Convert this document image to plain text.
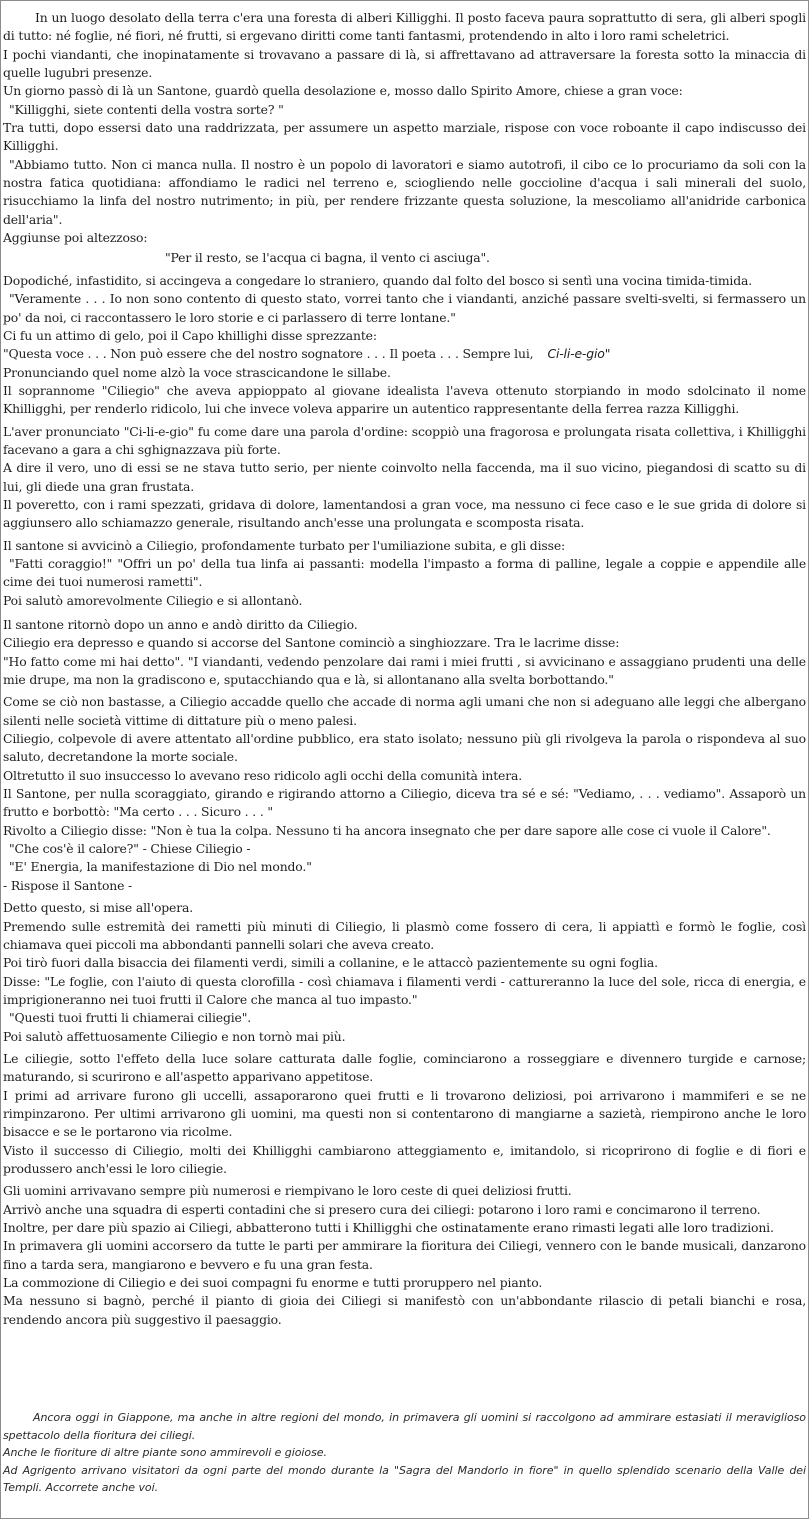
In un luogo desolato della terra c'era una foresta di alberi Killigghi. Il posto faceva paura soprattutto di sera, gli alberi spogli di tutto: né foglie, né fiori, né frutti, si ergevano diritti come tanti fantasmi, protendendo in alto i loro rami scheletrici.

I pochi viandanti, che inopinatamente si trovavano a passare di là, si affrettavano ad attraversare la foresta sotto la minaccia di quelle lugubri presenze.

Un giorno passò di là un Santone, guardò quella desolazione e, mosso dallo Spirito Amore, chiese a gran voce:

"Killigghi, siete contenti della vostra sorte? "

Tra tutti, dopo essersi dato una raddrizzata, per assumere un aspetto marziale, rispose con voce roboante il capo indiscusso dei Killigghi.

"Abbiamo tutto. Non ci manca nulla. Il nostro è un popolo di lavoratori e siamo autotrofi, il cibo ce lo procuriamo da soli con la nostra fatica quotidiana: affondiamo le radici nel terreno e, sciogliendo nelle goccioline d'acqua i sali minerali del suolo, risucchiamo la linfa del nostro nutrimento; in più, per rendere frizzante questa soluzione, la mescoliamo all'anidride carbonica dell'aria".

Aggiunse poi altezzoso:

"Per il resto, se l'acqua ci bagna, il vento ci asciuga".

Dopodiché, infastidito, si accingeva a congedare lo straniero, quando dal folto del bosco si sentì una vocina timida-timida.

"Veramente . . . Io non sono contento di questo stato, vorrei tanto che i viandanti, anziché passare svelti-svelti, si fermassero un po' da noi, ci raccontassero le loro storie e ci parlassero di terre lontane."

Ci fu un attimo di gelo, poi il Capo khillighi disse sprezzante:

"Questa voce . . . Non può essere che del nostro sognatore . . . Il poeta . . . Sempre lui, Ci-li-e-gio"

Pronunciando quel nome alzò la voce strascicandone le sillabe.

Il soprannome "Ciliegio" che aveva appioppato al giovane idealista l'aveva ottenuto storpiando in modo sdolcinato il nome Khilligghi, per renderlo ridicolo, lui che invece voleva apparire un autentico rappresentante della ferrea razza Killigghi.

L'aver pronunciato "Ci-li-e-gio" fu come dare una parola d'ordine: scoppiò una fragorosa e prolungata risata collettiva, i Khilligghi facevano a gara a chi sghignazzava più forte.

A dire il vero, uno di essi se ne stava tutto serio, per niente coinvolto nella faccenda, ma il suo vicino, piegandosi di scatto su di lui, gli diede una gran frustata.

Il poveretto, con i rami spezzati, gridava di dolore, lamentandosi a gran voce, ma nessuno ci fece caso e le sue grida di dolore si aggiunsero allo schiamazzo generale, risultando anch'esse una prolungata e scomposta risata.

Il santone si avvicinò a Ciliegio, profondamente turbato per l'umiliazione subita, e gli disse:

"Fatti coraggio!" "Offri un po' della tua linfa ai passanti: modella l'impasto a forma di palline, legale a coppie e appendile alle cime dei tuoi numerosi rametti".

Poi salutò amorevolmente Ciliegio e si allontanò.

Il santone ritornò dopo un anno e andò diritto da Ciliegio.

Ciliegio era depresso e quando si accorse del Santone cominciò a singhiozzare. Tra le lacrime disse:

"Ho fatto come mi hai detto". "I viandanti, vedendo penzolare dai rami i miei frutti , si avvicinano e assaggiano prudenti una delle mie drupe, ma non la gradiscono e, sputacchiando qua e là, si allontanano alla svelta borbottando."

Come se ciò non bastasse, a Ciliegio accadde quello che accade di norma agli umani che non si adeguano alle leggi che albergano silenti nelle società vittime di dittature più o meno palesi.

Ciliegio, colpevole di avere attentato all'ordine pubblico, era stato isolato; nessuno più gli rivolgeva la parola o rispondeva al suo saluto, decretandone la morte sociale.

Oltretutto il suo insuccesso lo avevano reso ridicolo agli occhi della comunità intera.

Il Santone, per nulla scoraggiato, girando e rigirando attorno a Ciliegio, diceva tra sé e sé: "Vediamo, . . . vediamo". Assaporò un frutto e borbottò: "Ma certo . . . Sicuro . . . "

Rivolto a Ciliegio disse: "Non è tua la colpa. Nessuno ti ha ancora insegnato che per dare sapore alle cose ci vuole il Calore".

"Che cos'è il calore?" - Chiese Ciliegio -

"E' Energia, la manifestazione di Dio nel mondo."

- Rispose il Santone -

Detto questo, si mise all'opera.

Premendo sulle estremità dei rametti più minuti di Ciliegio, li plasmò come fossero di cera, li appiattì e formò le foglie, così chiamava quei piccoli ma abbondanti pannelli solari che aveva creato.

Poi tirò fuori dalla bisaccia dei filamenti verdi, simili a collanine, e le attaccò pazientemente su ogni foglia.

Disse: "Le foglie, con l'aiuto di questa clorofilla - così chiamava i filamenti verdi - cattureranno la luce del sole, ricca di energia, e imprigioneranno nei tuoi frutti il Calore che manca al tuo impasto."

"Questi tuoi frutti li chiamerai ciliegie".

Poi salutò affettuosamente Ciliegio e non tornò mai più.

Le ciliegie, sotto l'effeto della luce solare catturata dalle foglie, cominciarono a rosseggiare e divennero turgide e carnose; maturando, si scurirono e all'aspetto apparivano appetitose.

I primi ad arrivare furono gli uccelli, assaporarono quei frutti e li trovarono deliziosi, poi arrivarono i mammiferi e se ne rimpinzarono. Per ultimi arrivarono gli uomini, ma questi non si contentarono di mangiarne a sazietà, riempirono anche le loro bisacce e se le portarono via ricolme.

Visto il successo di Ciliegio, molti dei Khilligghi cambiarono atteggiamento e, imitandolo, si ricoprirono di foglie e di fiori e produssero anch'essi le loro ciliegie.

Gli uomini arrivavano sempre più numerosi e riempivano le loro ceste di quei deliziosi frutti.

Arrivò anche una squadra di esperti contadini che si presero cura dei ciliegi: potarono i loro rami e concimarono il terreno.

Inoltre, per dare più spazio ai Ciliegi, abbatterono tutti i Khilligghi che ostinatamente erano rimasti legati alle loro tradizioni.

In primavera gli uomini accorsero da tutte le parti per ammirare la fioritura dei Ciliegi, vennero con le bande musicali, danzarono fino a tarda sera, mangiarono e bevvero e fu una gran festa.

La commozione di Ciliegio e dei suoi compagni fu enorme e tutti proruppero nel pianto.

Ma nessuno si bagnò, perché il pianto di gioia dei Ciliegi si manifestò con un'abbondante rilascio di petali bianchi e rosa, rendendo ancora più suggestivo il paesaggio.

Ancora oggi in Giappone, ma anche in altre regioni del mondo, in primavera gli uomini si raccolgono ad ammirare estasiati il meraviglioso spettacolo della fioritura dei ciliegi.

Anche le fioriture di altre piante sono ammirevoli e gioiose.

Ad Agrigento arrivano visitatori da ogni parte del mondo durante la "Sagra del Mandorlo in fiore" in quello splendido scenario della Valle dei Templi. Accorrete anche voi.
